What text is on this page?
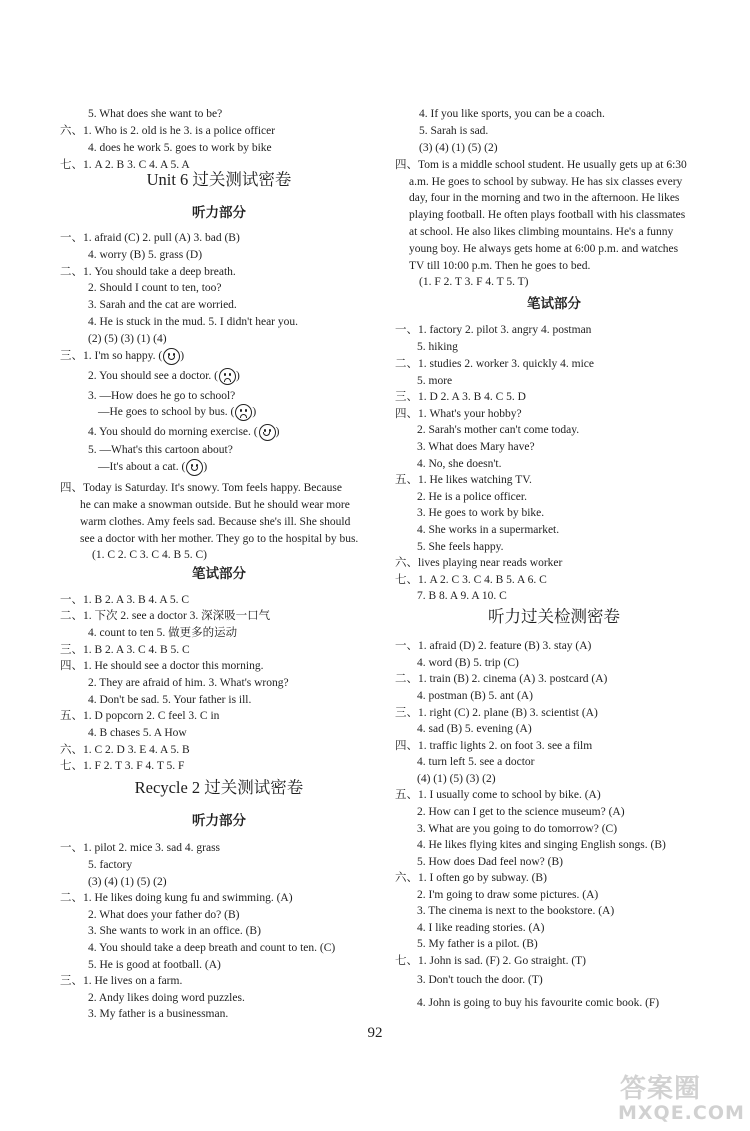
5. What does she want to be?
六、1. Who is 2. old is he 3. is a police officer
4. does he work 5. goes to work by bike
七、1. A 2. B 3. C 4. A 5. A
Unit 6 过关测试密卷
听力部分
一、1. afraid (C) 2. pull (A) 3. bad (B)
4. worry (B) 5. grass (D)
二、1. You should take a deep breath.
2. Should I count to ten, too?
3. Sarah and the cat are worried.
4. He is stuck in the mud. 5. I didn't hear you.
(2) (5) (3) (1) (4)
三、1. I'm so happy. ( )
2. You should see a doctor. ( )
3. —How does he go to school?
—He goes to school by bus. ( )
4. You should do morning exercise. ( )
5. —What's this cartoon about?
—It's about a cat. ( )
四、Today is Saturday. It's snowy. Tom feels happy. Because
he can make a snowman outside. But he should wear more
warm clothes. Amy feels sad. Because she's ill. She should
see a doctor with her mother. They go to the hospital by bus.
(1. C 2. C 3. C 4. B 5. C)
笔试部分
一、1. B 2. A 3. B 4. A 5. C
二、1. 下次 2. see a doctor 3. 深深吸一口气
4. count to ten 5. 做更多的运动
三、1. B 2. A 3. C 4. B 5. C
四、1. He should see a doctor this morning.
2. They are afraid of him. 3. What's wrong?
4. Don't be sad. 5. Your father is ill.
五、1. D popcorn 2. C feel 3. C in
4. B chases 5. A How
六、1. C 2. D 3. E 4. A 5. B
七、1. F 2. T 3. F 4. T 5. F
Recycle 2 过关测试密卷
听力部分
一、1. pilot 2. mice 3. sad 4. grass
5. factory
(3) (4) (1) (5) (2)
二、1. He likes doing kung fu and swimming. (A)
2. What does your father do? (B)
3. She wants to work in an office. (B)
4. You should take a deep breath and count to ten. (C)
5. He is good at football. (A)
三、1. He lives on a farm.
2. Andy likes doing word puzzles.
3. My father is a businessman.
4. If you like sports, you can be a coach.
5. Sarah is sad.
(3) (4) (1) (5) (2)
四、Tom is a middle school student. He usually gets up at 6:30
a.m. He goes to school by subway. He has six classes every
day, four in the morning and two in the afternoon. He likes
playing football. He often plays football with his classmates
at school. He also likes climbing mountains. He's a funny
young boy. He always gets home at 6:00 p.m. and watches
TV till 10:00 p.m. Then he goes to bed.
(1. F 2. T 3. F 4. T 5. T)
笔试部分
一、1. factory 2. pilot 3. angry 4. postman
5. hiking
二、1. studies 2. worker 3. quickly 4. mice
5. more
三、1. D 2. A 3. B 4. C 5. D
四、1. What's your hobby?
2. Sarah's mother can't come today.
3. What does Mary have?
4. No, she doesn't.
五、1. He likes watching TV.
2. He is a police officer.
3. He goes to work by bike.
4. She works in a supermarket.
5. She feels happy.
六、lives playing near reads worker
七、1. A 2. C 3. C 4. B 5. A 6. C
7. B 8. A 9. A 10. C
听力过关检测密卷
一、1. afraid (D) 2. feature (B) 3. stay (A)
4. word (B) 5. trip (C)
二、1. train (B) 2. cinema (A) 3. postcard (A)
4. postman (B) 5. ant (A)
三、1. right (C) 2. plane (B) 3. scientist (A)
4. sad (B) 5. evening (A)
四、1. traffic lights 2. on foot 3. see a film
4. turn left 5. see a doctor
(4) (1) (5) (3) (2)
五、1. I usually come to school by bike. (A)
2. How can I get to the science museum? (A)
3. What are you going to do tomorrow? (C)
4. He likes flying kites and singing English songs. (B)
5. How does Dad feel now? (B)
六、1. I often go by subway. (B)
2. I'm going to draw some pictures. (A)
3. The cinema is next to the bookstore. (A)
4. I like reading stories. (A)
5. My father is a pilot. (B)
七、1. John is sad. (F) 2. Go straight. (T)
3. Don't touch the door. (T)
4. John is going to buy his favourite comic book. (F)
92
答案圈
MXQE.COM
